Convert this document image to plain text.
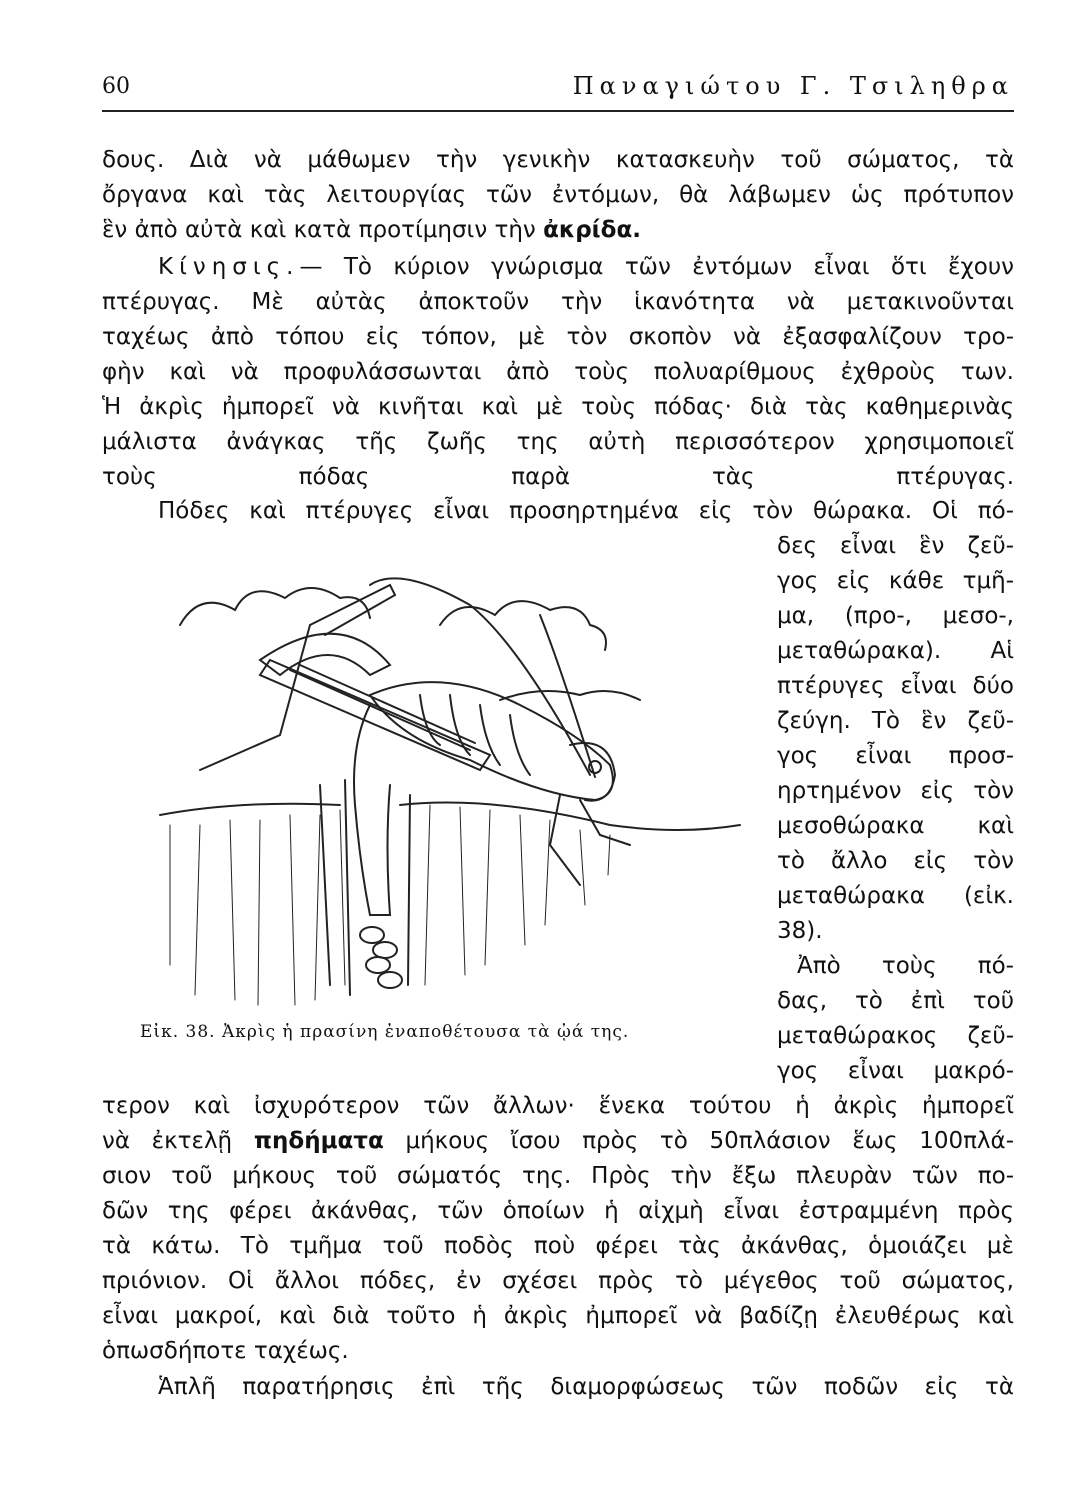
60	Παναγιώτου Γ. Τσιληθρα
δους. Διὰ νὰ μάθωμεν τὴν γενικὴν κατασκευὴν τοῦ σώματος, τὰ
ὄργανα καὶ τὰς λειτουργίας τῶν ἐντόμων, θὰ λάβωμεν ὡς πρότυπον
ἓν ἀπὸ αὐτὰ καὶ κατὰ προτίμησιν τὴν ἀκρίδα.
Κίνησις.— Τὸ κύριον γνώρισμα τῶν ἐντόμων εἶναι ὅτι ἔχουν
πτέρυγας. Μὲ αὐτὰς ἀποκτοῦν τὴν ἱκανότητα νὰ μετακινοῦνται
ταχέως ἀπὸ τόπου εἰς τόπον, μὲ τὸν σκοπὸν νὰ ἐξασφαλίζουν τρο-
φὴν καὶ νὰ προφυλάσσωνται ἀπὸ τοὺς πολυαρίθμους ἐχθροὺς των.
Ἡ ἀκρὶς ἠμπορεῖ νὰ κινῆται καὶ μὲ τοὺς πόδας· διὰ τὰς καθημερινὰς
μάλιστα ἀνάγκας τῆς ζωῆς της αὐτὴ περισσότερον χρησιμοποιεῖ
τοὺς πόδας παρὰ τὰς πτέρυγας.
Πόδες καὶ πτέρυγες εἶναι προσηρτημένα εἰς τὸν θώρακα. Οἱ πό-
δες εἶναι ἓν ζεῦ-
γος εἰς κάθε τμῆ-
μα, (προ-, μεσο-,
μεταθώρακα). Αἱ
πτέρυγες εἶναι δύο
ζεύγη. Τὸ ἓν ζεῦ-
γος εἶναι προσ-
ηρτημένον εἰς τὸν
μεσοθώρακα καὶ
τὸ ἄλλο εἰς τὸν
μεταθώρακα (εἰκ.
38).
Ἀπὸ τοὺς πό-
δας, τὸ ἐπὶ τοῦ
μεταθώρακος ζεῦ-
γος εἶναι μακρό-
Εἰκ. 38. Ἀκρὶς ἡ πρασίνη ἐναποθέτουσα τὰ ᾠά της.
τερον καὶ ἰσχυρότερον τῶν ἄλλων· ἕνεκα τούτου ἡ ἀκρὶς ἠμπορεῖ
νὰ ἐκτελῇ πηδήματα μήκους ἴσου πρὸς τὸ 50πλάσιον ἕως 100πλά-
σιον τοῦ μήκους τοῦ σώματός της. Πρὸς τὴν ἔξω πλευρὰν τῶν πο-
δῶν της φέρει ἀκάνθας, τῶν ὁποίων ἡ αἰχμὴ εἶναι ἐστραμμένη πρὸς
τὰ κάτω. Τὸ τμῆμα τοῦ ποδὸς ποὺ φέρει τὰς ἀκάνθας, ὁμοιάζει μὲ
πριόνιον. Οἱ ἄλλοι πόδες, ἐν σχέσει πρὸς τὸ μέγεθος τοῦ σώματος,
εἶναι μακροί, καὶ διὰ τοῦτο ἡ ἀκρὶς ἠμπορεῖ νὰ βαδίζῃ ἐλευθέρως καὶ
ὁπωσδήποτε ταχέως.
Ἁπλῆ παρατήρησις ἐπὶ τῆς διαμορφώσεως τῶν ποδῶν εἰς τὰ
